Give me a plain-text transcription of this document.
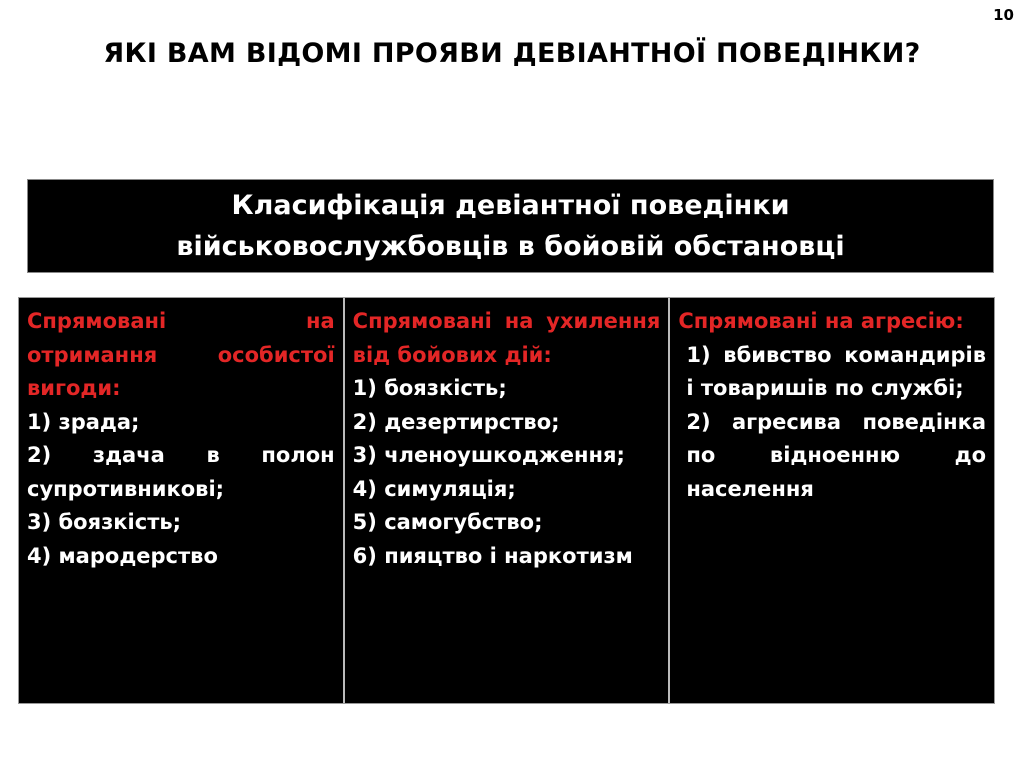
10
ЯКІ ВАМ ВІДОМІ ПРОЯВИ ДЕВІАНТНОЇ ПОВЕДІНКИ?
Класифікація девіантної поведінки
військовослужбовців в бойовій обстановці
Спрямовані на отримання особистої вигоди:
1) зрада;
2) здача в полон супротивникові;
3) боязкість;
4) мародерство
Спрямовані на ухилення від бойових дій:
1) боязкість;
2) дезертирство;
3) членоушкодження;
4) симуляція;
5) самогубство;
6) пияцтво і наркотизм
Спрямовані на агресію:
1) вбивство командирів і товаришів по службі;
2) агресива поведінка по відноенню до населення
